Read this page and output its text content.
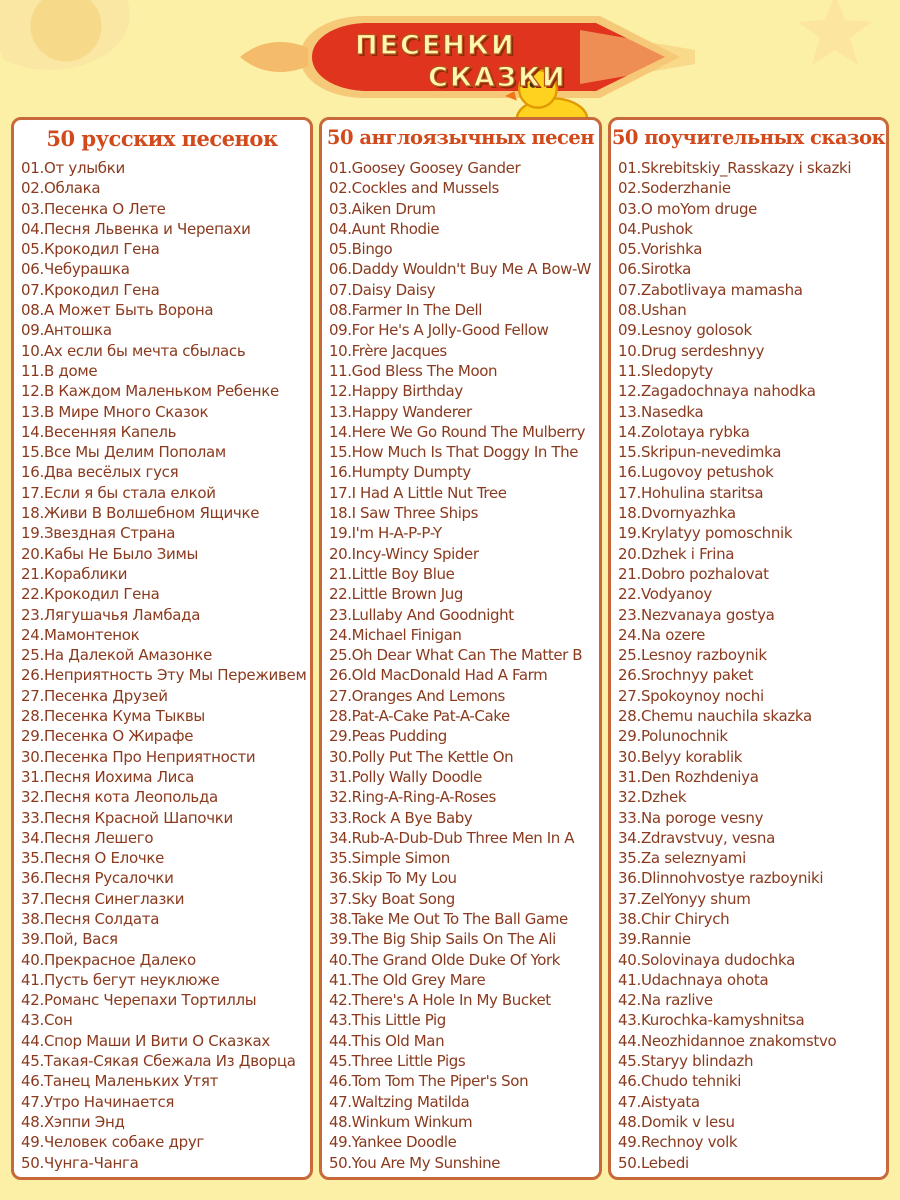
ПЕСЕНКИ
СКАЗКИ
50 русских песенок
01.От улыбки
02.Облака
03.Песенка О Лете
04.Песня Львенка и Черепахи
05.Крокодил Гена
06.Чебурашка
07.Крокодил Гена
08.А Может Быть Ворона
09.Антошка
10.Ах если бы мечта сбылась
11.В доме
12.В Каждом Маленьком Ребенке
13.В Мире Много Сказок
14.Весенняя Капель
15.Все Мы Делим Пополам
16.Два весёлых гуся
17.Если я бы стала елкой
18.Живи В Волшебном Ящичке
19.Звездная Страна
20.Кабы Не Было Зимы
21.Кораблики
22.Крокодил Гена
23.Лягушачья Ламбада
24.Мамонтенок
25.На Далекой Амазонке
26.Неприятность Эту Мы Переживем
27.Песенка Друзей
28.Песенка Кума Тыквы
29.Песенка О Жирафе
30.Песенка Про Неприятности
31.Песня Иохима Лиса
32.Песня кота Леопольда
33.Песня Красной Шапочки
34.Песня Лешего
35.Песня О Елочке
36.Песня Русалочки
37.Песня Синеглазки
38.Песня Солдата
39.Пой, Вася
40.Прекрасное Далеко
41.Пусть бегут неуклюже
42.Романс Черепахи Тортиллы
43.Сон
44.Спор Маши И Вити О Сказках
45.Такая-Сякая Сбежала Из Дворца
46.Танец Маленьких Утят
47.Утро Начинается
48.Хэппи Энд
49.Человек собаке друг
50.Чунга-Чанга
50 англоязычных песен
01.Goosey Goosey Gander
02.Cockles and Mussels
03.Aiken Drum
04.Aunt Rhodie
05.Bingo
06.Daddy Wouldn't Buy Me A Bow-W
07.Daisy Daisy
08.Farmer In The Dell
09.For He's A Jolly-Good Fellow
10.Frère Jacques
11.God Bless The Moon
12.Happy Birthday
13.Happy Wanderer
14.Here We Go Round The Mulberry
15.How Much Is That Doggy In The
16.Humpty Dumpty
17.I Had A Little Nut Tree
18.I Saw Three Ships
19.I'm H-A-P-P-Y
20.Incy-Wincy Spider
21.Little Boy Blue
22.Little Brown Jug
23.Lullaby And Goodnight
24.Michael Finigan
25.Oh Dear What Can The Matter B
26.Old MacDonald Had A Farm
27.Oranges And Lemons
28.Pat-A-Cake Pat-A-Cake
29.Peas Pudding
30.Polly Put The Kettle On
31.Polly Wally Doodle
32.Ring-A-Ring-A-Roses
33.Rock A Bye Baby
34.Rub-A-Dub-Dub Three Men In A
35.Simple Simon
36.Skip To My Lou
37.Sky Boat Song
38.Take Me Out To The Ball Game
39.The Big Ship Sails On The Ali
40.The Grand Olde Duke Of York
41.The Old Grey Mare
42.There's A Hole In My Bucket
43.This Little Pig
44.This Old Man
45.Three Little Pigs
46.Tom Tom The Piper's Son
47.Waltzing Matilda
48.Winkum Winkum
49.Yankee Doodle
50.You Are My Sunshine
50 поучительных сказок
01.Skrebitskiy_Rasskazy i skazki
02.Soderzhanie
03.O moYom druge
04.Pushok
05.Vorishka
06.Sirotka
07.Zabotlivaya mamasha
08.Ushan
09.Lesnoy golosok
10.Drug serdeshnyy
11.Sledopyty
12.Zagadochnaya nahodka
13.Nasedka
14.Zolotaya rybka
15.Skripun-nevedimka
16.Lugovoy petushok
17.Hohulina staritsa
18.Dvornyazhka
19.Krylatyy pomoschnik
20.Dzhek i Frina
21.Dobro pozhalovat
22.Vodyanoy
23.Nezvanaya gostya
24.Na ozere
25.Lesnoy razboynik
26.Srochnyy paket
27.Spokoynoy nochi
28.Chemu nauchila skazka
29.Polunochnik
30.Belyy korablik
31.Den Rozhdeniya
32.Dzhek
33.Na poroge vesny
34.Zdravstvuy, vesna
35.Za seleznyami
36.Dlinnohvostye razboyniki
37.ZelYonyy shum
38.Chir Chirych
39.Rannie
40.Solovinaya dudochka
41.Udachnaya ohota
42.Na razlive
43.Kurochka-kamyshnitsa
44.Neozhidannoe znakomstvo
45.Staryy blindazh
46.Chudo tehniki
47.Aistyata
48.Domik v lesu
49.Rechnoy volk
50.Lebedi
